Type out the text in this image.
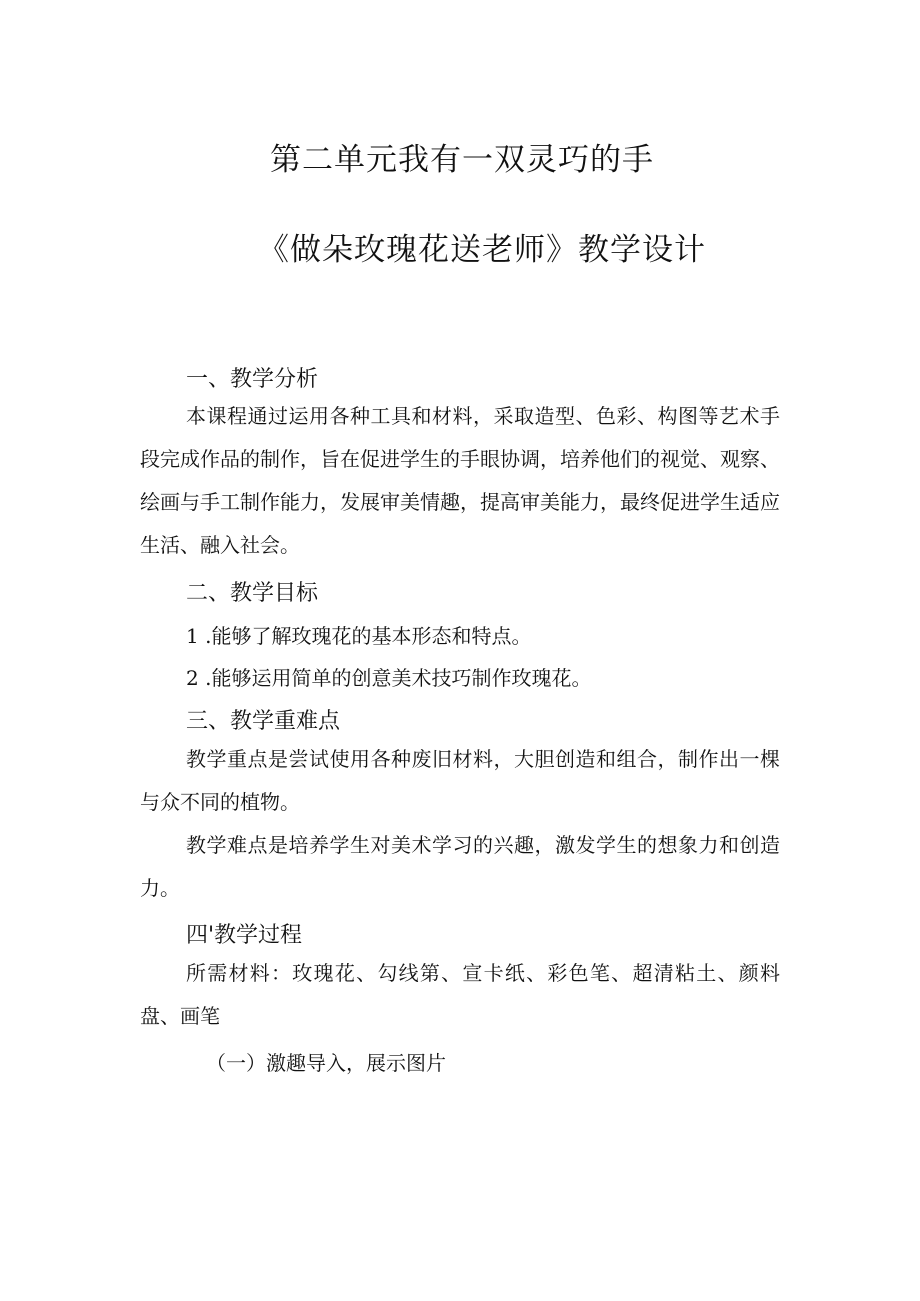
第二单元我有一双灵巧的手
《做朵玫瑰花送老师》教学设计
一、教学分析
本课程通过运用各种工具和材料，采取造型、色彩、构图等艺术手段完成作品的制作，旨在促进学生的手眼协调，培养他们的视觉、观察、绘画与手工制作能力，发展审美情趣，提高审美能力，最终促进学生适应生活、融入社会。
二、教学目标
1 .能够了解玫瑰花的基本形态和特点。
2 .能够运用简单的创意美术技巧制作玫瑰花。
三、教学重难点
教学重点是尝试使用各种废旧材料，大胆创造和组合，制作出一棵与众不同的植物。
教学难点是培养学生对美术学习的兴趣，激发学生的想象力和创造力。
四'教学过程
所需材料：玫瑰花、勾线第、宣卡纸、彩色笔、超清粘土、颜料盘、画笔
（一）激趣导入，展示图片
